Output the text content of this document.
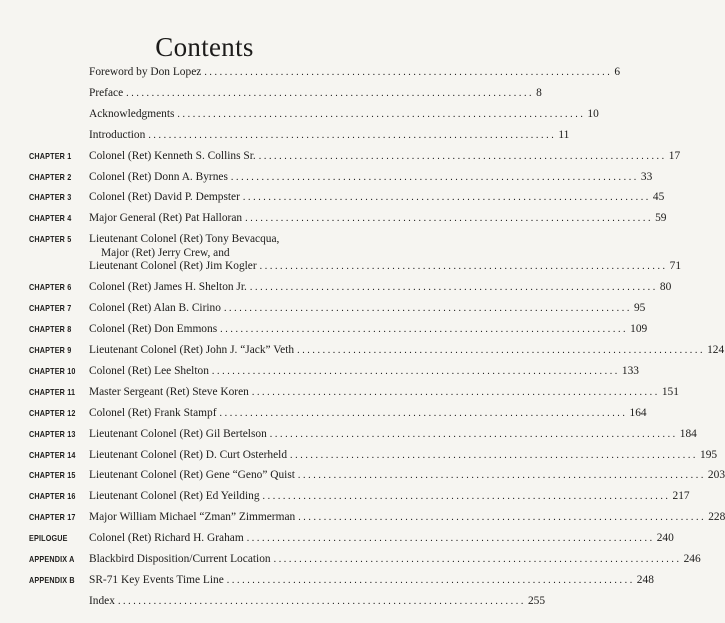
Contents
Foreword by Don Lopez ................................................................................ 6
Preface ................................................................................ 8
Acknowledgments ................................................................................ 10
Introduction ................................................................................ 11
CHAPTER 1 Colonel (Ret) Kenneth S. Collins Sr. ................................................................................ 17
CHAPTER 2 Colonel (Ret) Donn A. Byrnes ................................................................................ 33
CHAPTER 3 Colonel (Ret) David P. Dempster ................................................................................ 45
CHAPTER 4 Major General (Ret) Pat Halloran ................................................................................ 59
CHAPTER 5 Lieutenant Colonel (Ret) Tony Bevacqua,
Major (Ret) Jerry Crew, and
Lieutenant Colonel (Ret) Jim Kogler ................................................................................ 71
CHAPTER 6 Colonel (Ret) James H. Shelton Jr. ................................................................................ 80
CHAPTER 7 Colonel (Ret) Alan B. Cirino ................................................................................ 95
CHAPTER 8 Colonel (Ret) Don Emmons ................................................................................ 109
CHAPTER 9 Lieutenant Colonel (Ret) John J. “Jack” Veth ................................................................................ 124
CHAPTER 10 Colonel (Ret) Lee Shelton ................................................................................ 133
CHAPTER 11 Master Sergeant (Ret) Steve Koren ................................................................................ 151
CHAPTER 12 Colonel (Ret) Frank Stampf ................................................................................ 164
CHAPTER 13 Lieutenant Colonel (Ret) Gil Bertelson ................................................................................ 184
CHAPTER 14 Lieutenant Colonel (Ret) D. Curt Osterheld ................................................................................ 195
CHAPTER 15 Lieutenant Colonel (Ret) Gene “Geno” Quist ................................................................................ 203
CHAPTER 16 Lieutenant Colonel (Ret) Ed Yeilding ................................................................................ 217
CHAPTER 17 Major William Michael “Zman” Zimmerman ................................................................................ 228
EPILOGUE Colonel (Ret) Richard H. Graham ................................................................................ 240
APPENDIX A Blackbird Disposition/Current Location ................................................................................ 246
APPENDIX B SR-71 Key Events Time Line ................................................................................ 248
Index ................................................................................ 255
